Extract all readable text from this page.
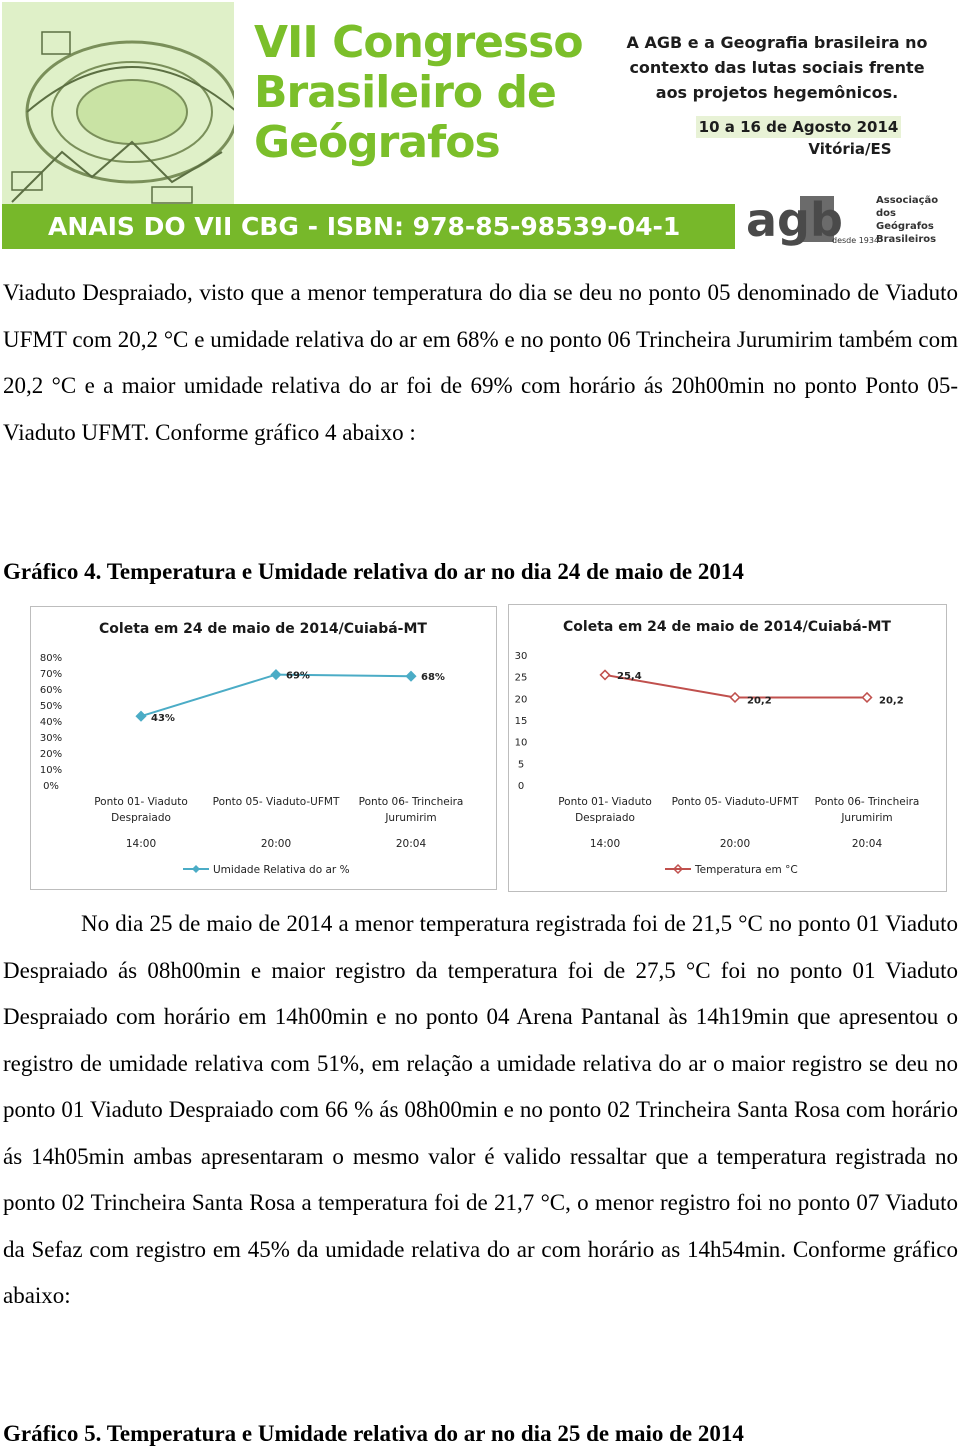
VII Congresso
Brasileiro de
Geógrafos
A AGB e a Geografia brasileira no
contexto das lutas sociais frente
aos projetos hegemônicos.
10 a 16 de Agosto 2014
Vitória/ES
ANAIS DO VII CBG - ISBN: 978-85-98539-04-1 agb	Associação dos
Geógrafos
Brasileiros
desde 1934
Viaduto Despraiado, visto que a menor temperatura do dia se deu no ponto 05 denominado de Viaduto UFMT com 20,2 °C e umidade relativa do ar em 68% e no ponto 06 Trincheira Jurumirim também com 20,2 °C e a maior umidade relativa do ar foi de 69% com horário ás 20h00min no ponto Ponto 05- Viaduto UFMT. Conforme gráfico 4 abaixo :
Gráfico 4. Temperatura e Umidade relativa do ar no dia 24 de maio de 2014
Coleta em 24 de maio de 2014/Cuiabá-MT
0%
10%
20%
30%
40%
50%
60%
70%
80%
43%
69%	68%
Ponto 01- Viaduto
Despraiado
14:00
Ponto 05- Viaduto-UFMT
20:00
Ponto 06- Trincheira
Jurumirim
20:04
Umidade Relativa do ar %
Coleta em 24 de maio de 2014/Cuiabá-MT
0
5
10
15
20
25
30
25,4
20,2	20,2
Ponto 01- Viaduto
Despraiado
14:00
Ponto 05- Viaduto-UFMT
20:00
Ponto 06- Trincheira
Jurumirim
20:04
Temperatura em °C
No dia 25 de maio de 2014 a menor temperatura registrada foi de 21,5 °C no ponto 01 Viaduto Despraiado ás 08h00min e maior registro da temperatura foi de 27,5 °C foi no ponto 01 Viaduto Despraiado com horário em 14h00min e no ponto 04 Arena Pantanal às 14h19min que apresentou o registro de umidade relativa com 51%, em relação a umidade relativa do ar o maior registro se deu no ponto 01 Viaduto Despraiado com 66 % ás 08h00min e no ponto 02 Trincheira Santa Rosa com horário ás 14h05min ambas apresentaram o mesmo valor é valido ressaltar que a temperatura registrada no ponto 02 Trincheira Santa Rosa a temperatura foi de 21,7 °C, o menor registro foi no ponto 07 Viaduto da Sefaz com registro em 45% da umidade relativa do ar com horário as 14h54min. Conforme gráfico abaixo:
Gráfico 5. Temperatura e Umidade relativa do ar no dia 25 de maio de 2014
